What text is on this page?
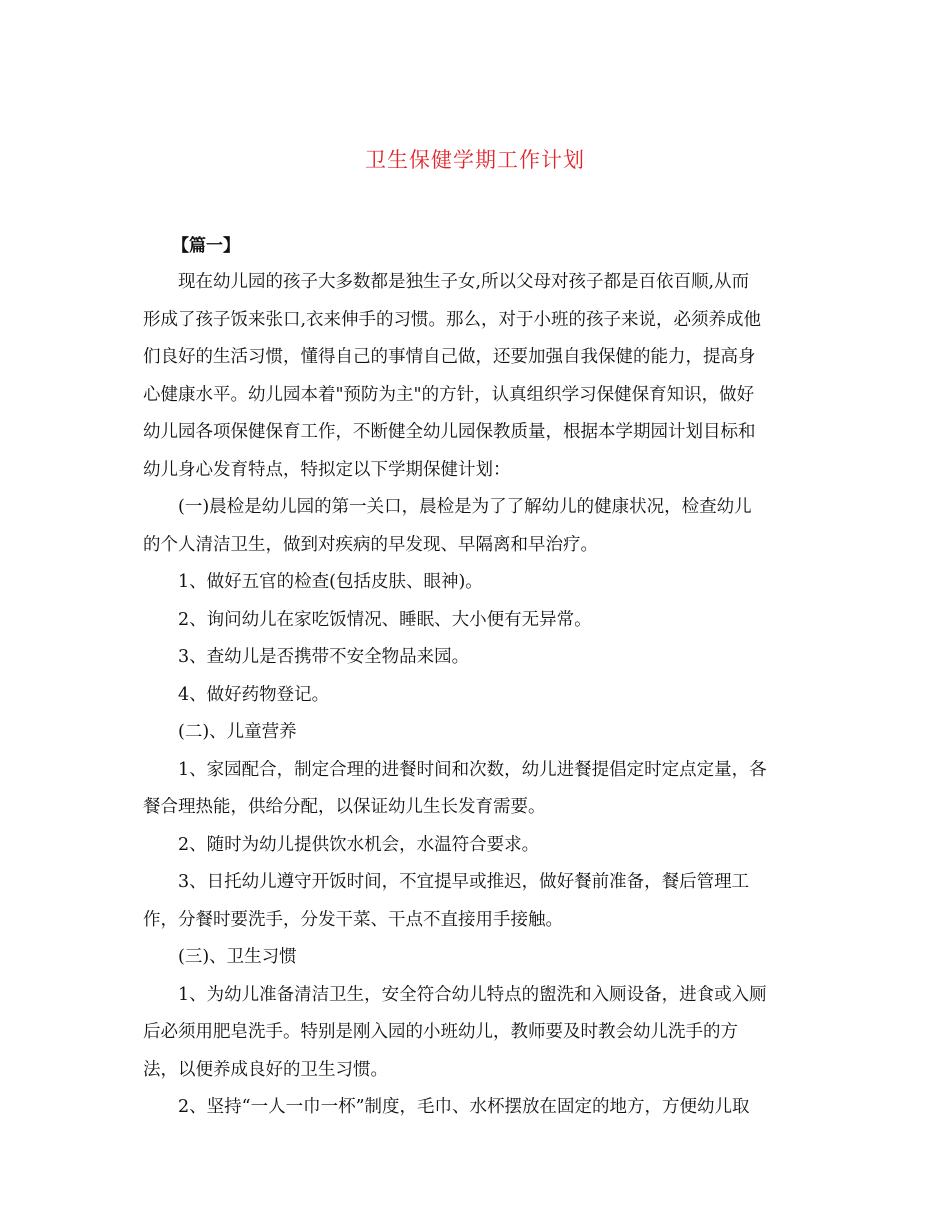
卫生保健学期工作计划
【篇一】

现在幼儿园的孩子大多数都是独生子女,所以父母对孩子都是百依百顺,从而
形成了孩子饭来张口,衣来伸手的习惯。那么，对于小班的孩子来说，必须养成他
们良好的生活习惯，懂得自己的事情自己做，还要加强自我保健的能力，提高身
心健康水平。幼儿园本着"预防为主"的方针，认真组织学习保健保育知识，做好
幼儿园各项保健保育工作，不断健全幼儿园保教质量，根据本学期园计划目标和
幼儿身心发育特点，特拟定以下学期保健计划：

(一)晨检是幼儿园的第一关口，晨检是为了了解幼儿的健康状况，检查幼儿
的个人清洁卫生，做到对疾病的早发现、早隔离和早治疗。

1、做好五官的检查(包括皮肤、眼神)。

2、询问幼儿在家吃饭情况、睡眠、大小便有无异常。

3、查幼儿是否携带不安全物品来园。

4、做好药物登记。

(二)、儿童营养

1、家园配合，制定合理的进餐时间和次数，幼儿进餐提倡定时定点定量，各
餐合理热能，供给分配，以保证幼儿生长发育需要。

2、随时为幼儿提供饮水机会，水温符合要求。

3、日托幼儿遵守开饭时间，不宜提早或推迟，做好餐前准备，餐后管理工
作，分餐时要洗手，分发干菜、干点不直接用手接触。

(三)、卫生习惯

1、为幼儿准备清洁卫生，安全符合幼儿特点的盥洗和入厕设备，进食或入厕
后必须用肥皂洗手。特别是刚入园的小班幼儿，教师要及时教会幼儿洗手的方
法，以便养成良好的卫生习惯。

2、坚持“一人一巾一杯”制度，毛巾、水杯摆放在固定的地方，方便幼儿取
